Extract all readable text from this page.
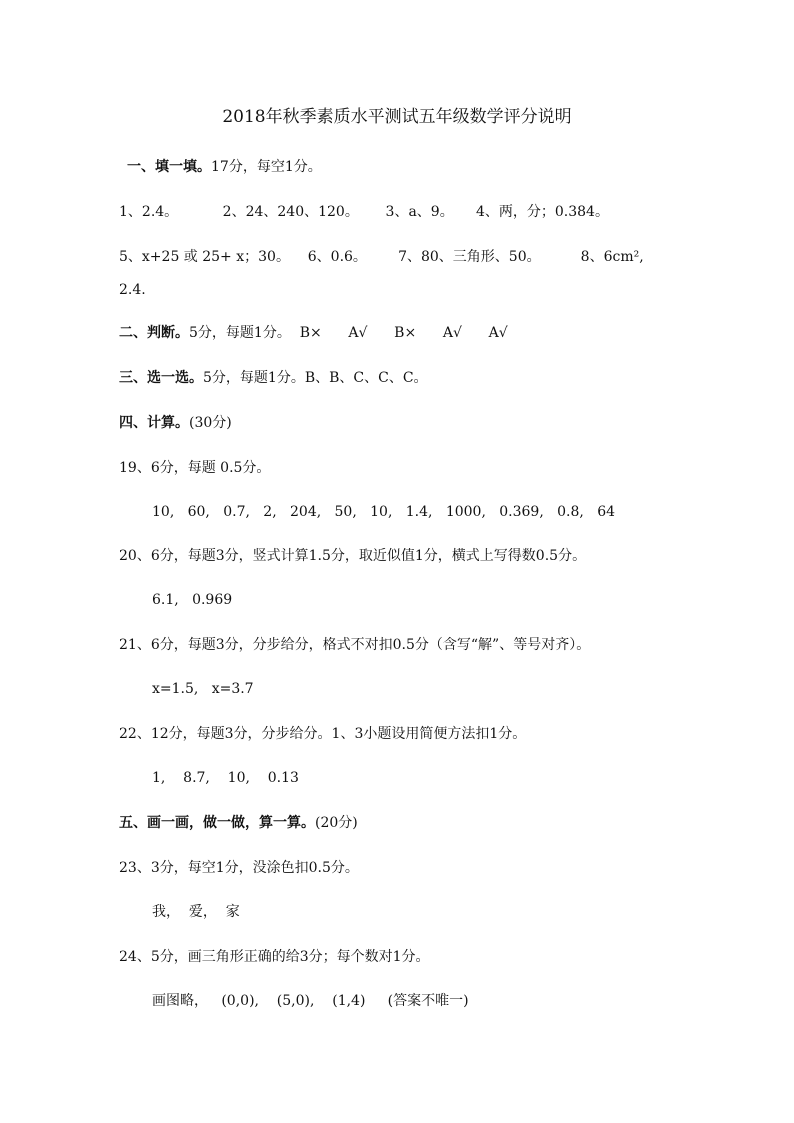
2018年秋季素质水平测试五年级数学评分说明
一、填一填。17分，每空1分。
1、2.4。          2、24、240、120。      3、a、9。     4、两，分；0.384。
5、x+25 或 25+ x；30。    6、0.6。       7、80、三角形、50。         8、6cm²,
2.4.
二、判断。5分，每题1分。  B×      A√      B×      A√      A√
三、选一选。5分，每题1分。B、B、C、C、C。
四、计算。(30分)
19、6分，每题 0.5分。
10,   60,   0.7,   2,   204,   50,   10,   1.4,   1000,   0.369,   0.8,   64
20、6分，每题3分，竖式计算1.5分，取近似值1分，横式上写得数0.5分。
6.1,   0.969
21、6分，每题3分，分步给分，格式不对扣0.5分（含写“解”、等号对齐）。
x=1.5,   x=3.7
22、12分，每题3分，分步给分。1、3小题设用简便方法扣1分。
1,    8.7,    10,    0.13
五、画一画，做一做，算一算。(20分)
23、3分，每空1分，没涂色扣0.5分。
我，  爱，  家
24、5分，画三角形正确的给3分；每个数对1分。
画图略，   (0,0),    (5,0),    (1,4)     (答案不唯一)
